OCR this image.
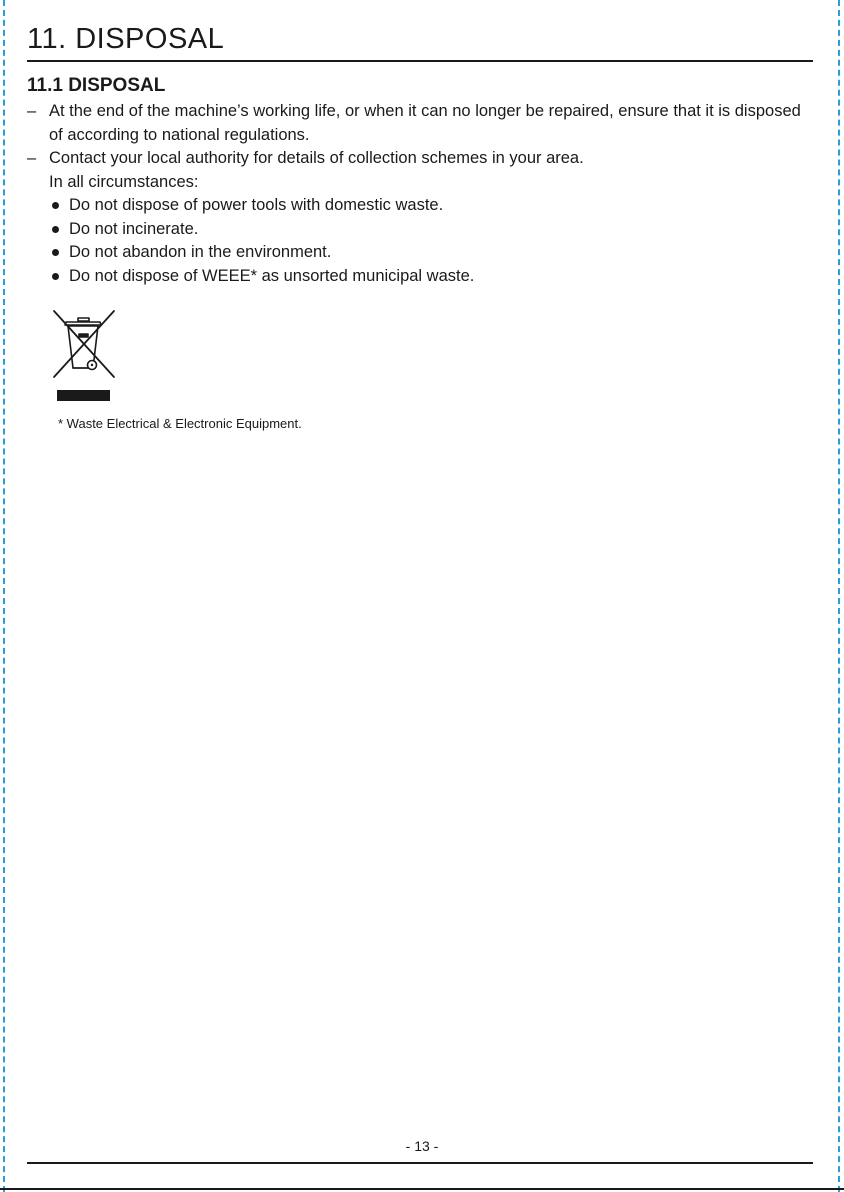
11. DISPOSAL
11.1 DISPOSAL
– At the end of the machine’s working life, or when it can no longer be repaired, ensure that it is disposed of according to national regulations.
– Contact your local authority for details of collection schemes in your area.
In all circumstances:
Do not dispose of power tools with domestic waste.
Do not incinerate.
Do not abandon in the environment.
Do not dispose of WEEE* as unsorted municipal waste.
* Waste Electrical & Electronic Equipment.
- 13 -
